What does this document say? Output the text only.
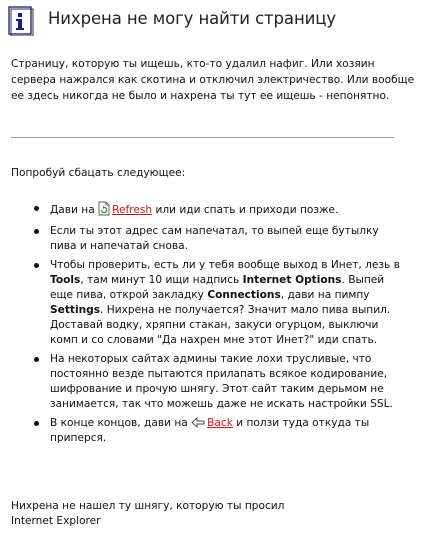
Нихрена не могу найти страницу
Страницу, которую ты ищешь, кто-то удалил нафиг. Или хозяин сервера нажрался как скотина и отключил электричество. Или вообще ее здесь никогда не было и нахрена ты тут ее ищешь - непонятно.
Попробуй сбацать следующее:
Дави на Refresh или иди спать и приходи позже.
Если ты этот адрес сам напечатал, то выпей еще бутылку пива и напечатай снова.
Чтобы проверить, есть ли у тебя вообще выход в Инет, лезь в Tools, там минут 10 ищи надпись Internet Options. Выпей еще пива, открой закладку Connections, дави на пимпу Settings. Нихрена не получается? Значит мало пива выпил. Доставай водку, хряпни стакан, закуси огурцом, выключи комп и со словами "Да нахрен мне этот Инет?" иди спать.
На некоторых сайтах админы такие лохи трусливые, что постоянно везде пытаются прилапать всякое кодирование, шифрование и прочую шнягу. Этот сайт таким дерьмом не занимается, так что можешь даже не искать настройки SSL.
В конце концов, дави на Back и ползи туда откуда ты приперся.
Нихрена не нашел ту шнягу, которую ты просил
Internet Explorer
